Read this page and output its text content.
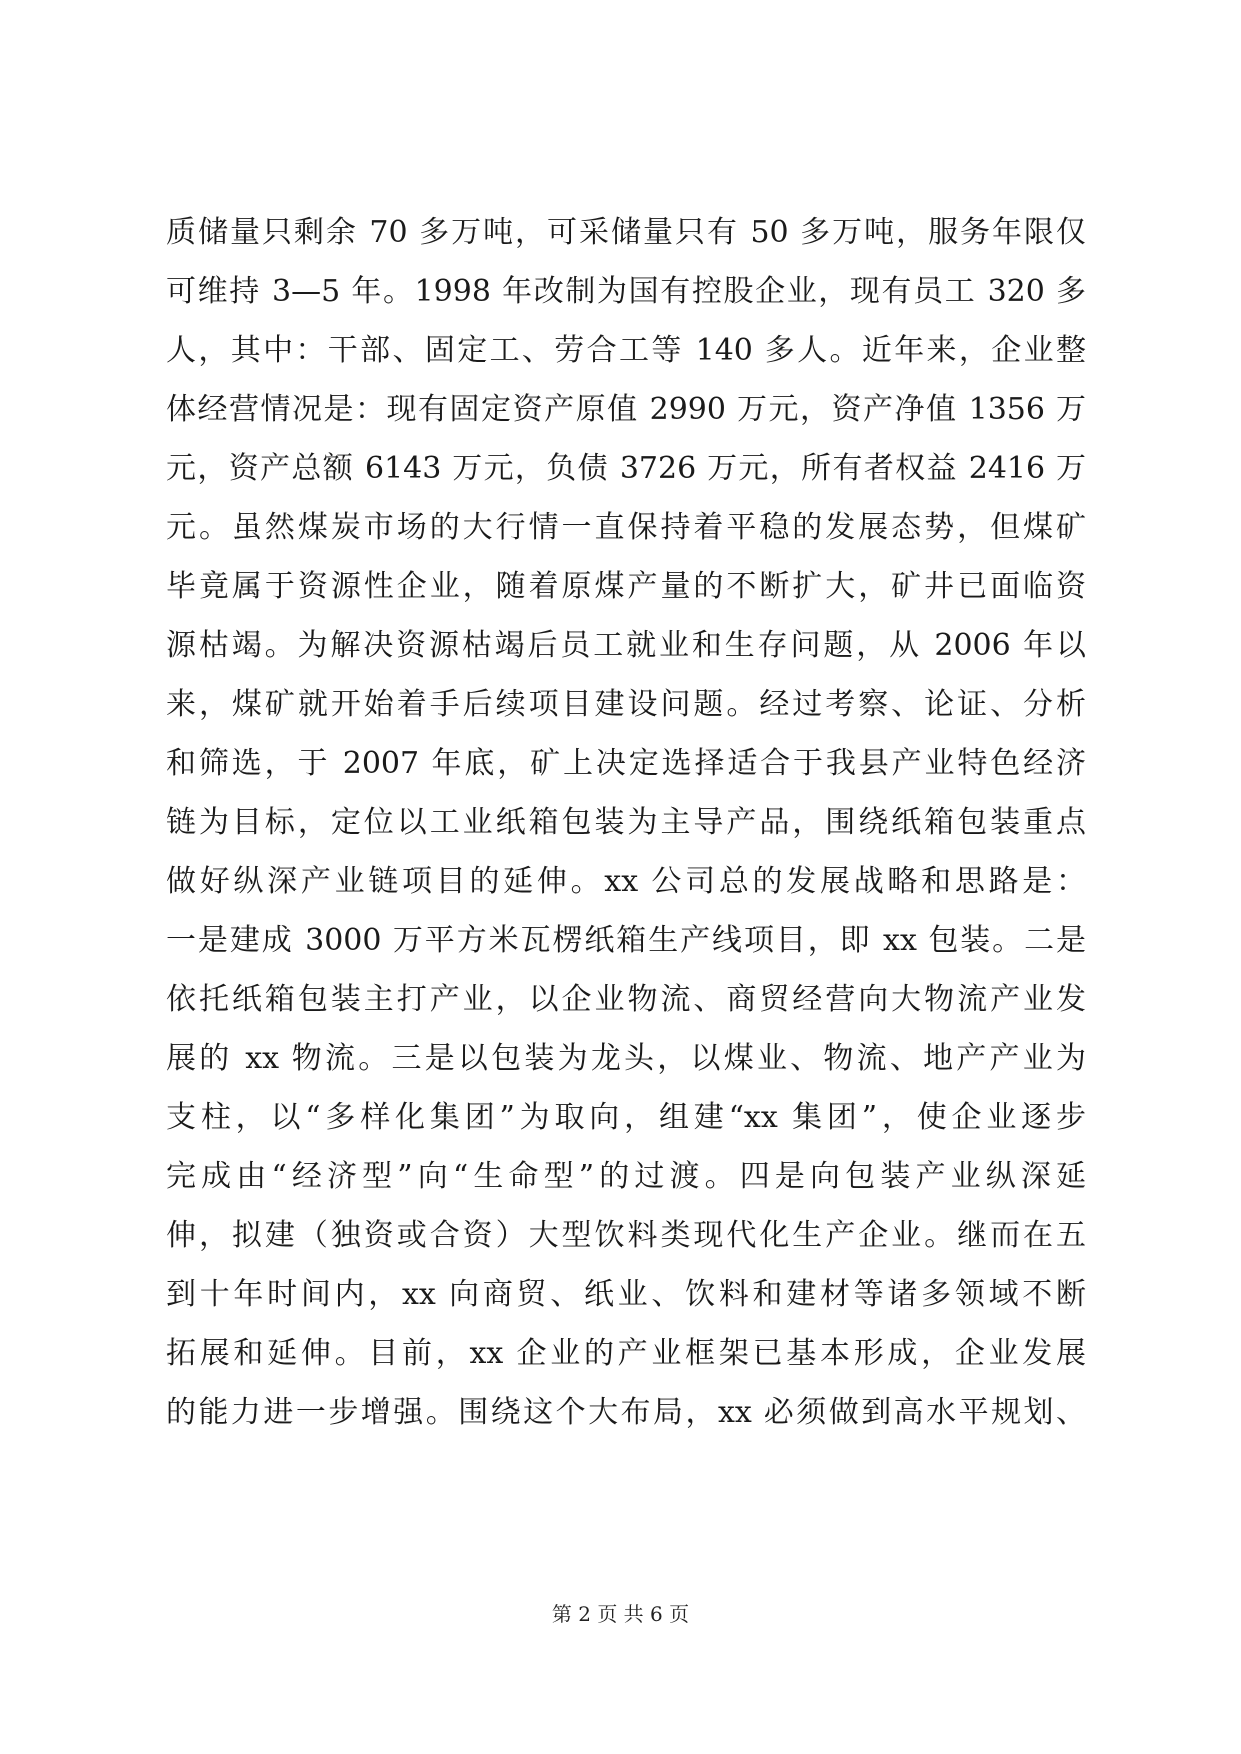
质储量只剩余 70 多万吨，可采储量只有 50 多万吨，服务年限仅
可维持 3—5 年。1998 年改制为国有控股企业，现有员工 320 多
人，其中：干部、固定工、劳合工等 140 多人。近年来，企业整
体经营情况是：现有固定资产原值 2990 万元，资产净值 1356 万
元，资产总额 6143 万元，负债 3726 万元，所有者权益 2416 万
元。虽然煤炭市场的大行情一直保持着平稳的发展态势，但煤矿
毕竟属于资源性企业，随着原煤产量的不断扩大，矿井已面临资
源枯竭。为解决资源枯竭后员工就业和生存问题，从 2006 年以
来，煤矿就开始着手后续项目建设问题。经过考察、论证、分析
和筛选，于 2007 年底，矿上决定选择适合于我县产业特色经济
链为目标，定位以工业纸箱包装为主导产品，围绕纸箱包装重点
做好纵深产业链项目的延伸。xx 公司总的发展战略和思路是：
一是建成 3000 万平方米瓦楞纸箱生产线项目，即 xx 包装。二是
依托纸箱包装主打产业，以企业物流、商贸经营向大物流产业发
展的 xx 物流。三是以包装为龙头，以煤业、物流、地产产业为
支柱，以“多样化集团”为取向，组建“xx 集团”，使企业逐步
完成由“经济型”向“生命型”的过渡。四是向包装产业纵深延
伸，拟建（独资或合资）大型饮料类现代化生产企业。继而在五
到十年时间内，xx 向商贸、纸业、饮料和建材等诸多领域不断
拓展和延伸。目前，xx 企业的产业框架已基本形成，企业发展
的能力进一步增强。围绕这个大布局，xx 必须做到高水平规划、
第 2 页 共 6 页
